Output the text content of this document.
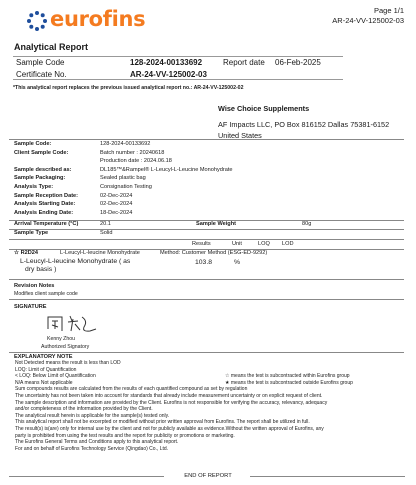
eurofins	Page 1/1
AR-24-VV-125002-03
Analytical Report
Sample Code	128-2024-00133692	Report date 06-Feb-2025
Certificate No.	AR-24-VV-125002-03
*This analytical report replaces the previous issued analytical report no.: AR-24-VV-125002-02
Wise Choice Supplements
AF Impacts LLC, PO Box 816152 Dallas 75381-6152
United States
Sample Code:	128-2024-00133692
Client Sample Code:	Batch number : 20240618
Production date : 2024.06.18
Sample described as:	DL185™&Rampel® L-Leucyl-L-Leucine Monohydrate
Sample Packaging:	Sealed plastic bag
Analysis Type:	Consignation Testing
Sample Reception Date:	02-Dec-2024
Analysis Starting Date:	02-Dec-2024
Analysis Ending Date:	18-Dec-2024
Arrival Temperature (°C)	20.1	Sample Weight	80g
Sample Type	Solid
Results	Unit	LOQ LOD
☆ R2D24	L-Leucyl-L-leucine Monohydrate	Method: Customer Method (ESG-ED-9292)
L-Leucyl-L-leucine Monohydrate ( as
dry basis )
103.8	%
Revision Notes
Modifies client sample code
SIGNATURE
Kenny Zhou
Authorized Signatory
EXPLANATORY NOTE
Not Detected means the result is less than LOD
LOQ: Limit of Quantification
< LOQ: Below Limit of Quantification
N/A means Not applicable
☆ means the test is subcontracted within Eurofins group
★ means the test is subcontracted outside Eurofins group
Sum compounds results are calculated from the results of each quantified compound as set by regulation
The uncertainty has not been taken into account for standards that already include measurement uncertainty or on explicit request of client.
The sample description and information are provided by the Client. Eurofins is not responsible for verifying the accuracy, relevancy, adequacy
and/or completeness of the information provided by the Client.
The analytical result herein is applicable for the sample(s) tested only.
This analytical report shall not be excerpted or modified without prior written approval from Eurofins. The report shall be utilized in full.
The result(s) is(are) only for internal use by the client and not for publicly available as evidence.Without the written approval of Eurofins, any
party is prohibited from using the test results and the report for publicity or promotions or marketing.
The Eurofins General Terms and Conditions apply to this analytical report.
For and on behalf of Eurofins Technology Service (Qingdao) Co., Ltd.
END OF REPORT
